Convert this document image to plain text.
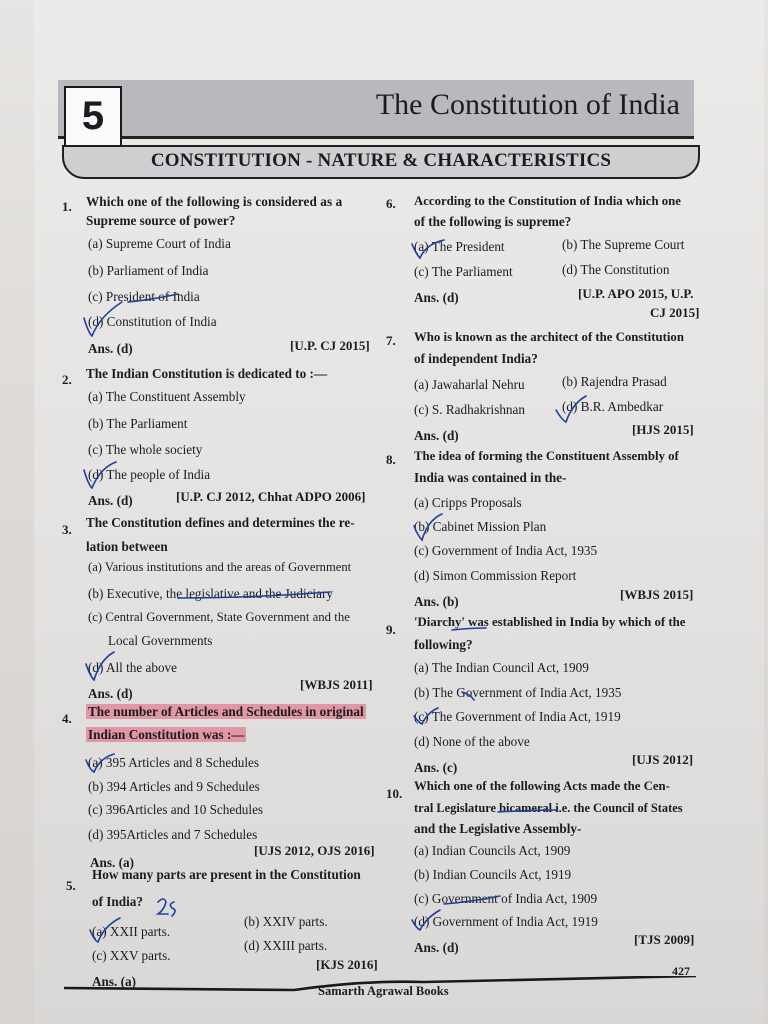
5	The Constitution of India
CONSTITUTION - NATURE & CHARACTERISTICS
1. Which one of the following is considered as a
Supreme source of power?
(a) Supreme Court of India
(b) Parliament of India
(c) President of India
(d) Constitution of India
Ans. (d)	[U.P. CJ 2015]
2. The Indian Constitution is dedicated to :—
(a) The Constituent Assembly
(b) The Parliament
(c) The whole society
(d) The people of India
Ans. (d)	[U.P. CJ 2012, Chhat ADPO 2006]
3. The Constitution defines and determines the re-
lation between
(a) Various institutions and the areas of Government
(b) Executive, the legislative and the Judiciary
(c) Central Government, State Government and the
Local Governments
(d) All the above
Ans. (d)
[WBJS 2011]
4. The number of Articles and Schedules in original
Indian Constitution was :—
(a) 395 Articles and 8 Schedules
(b) 394 Articles and 9 Schedules
(c) 396Articles and 10 Schedules
(d) 395Articles and 7 Schedules
Ans. (a)
[UJS 2012, OJS 2016]
5.
How many parts are present in the Constitution
of India?
(a) XXII parts.
(b) XXIV parts.
(c) XXV parts.
(d) XXIII parts.
Ans. (a)
[KJS 2016]
6. According to the Constitution of India which one
of the following is supreme?
(a) The President	(b) The Supreme Court
(c) The Parliament	(d) The Constitution
Ans. (d)	[U.P. APO 2015, U.P.
CJ 2015]
7. Who is known as the architect of the Constitution
of independent India?
(a) Jawaharlal Nehru	(b) Rajendra Prasad
(c) S. Radhakrishnan	(d) B.R. Ambedkar
Ans. (d)	[HJS 2015]
8. The idea of forming the Constituent Assembly of
India was contained in the-
(a) Cripps Proposals
(b) Cabinet Mission Plan
(c) Government of India Act, 1935
(d) Simon Commission Report
Ans. (b)	[WBJS 2015]
9. 'Diarchy' was established in India by which of the
following?
(a) The Indian Council Act, 1909
(b) The Government of India Act, 1935
(c) The Government of India Act, 1919
(d) None of the above
Ans. (c)
[UJS 2012]
10. Which one of the following Acts made the Cen-
tral Legislature bicameral i.e. the Council of States
and the Legislative Assembly-
(a) Indian Councils Act, 1909
(b) Indian Councils Act, 1919
(c) Government of India Act, 1909
(d) Government of India Act, 1919
Ans. (d)
[TJS 2009]
Samarth Agrawal Books
427
